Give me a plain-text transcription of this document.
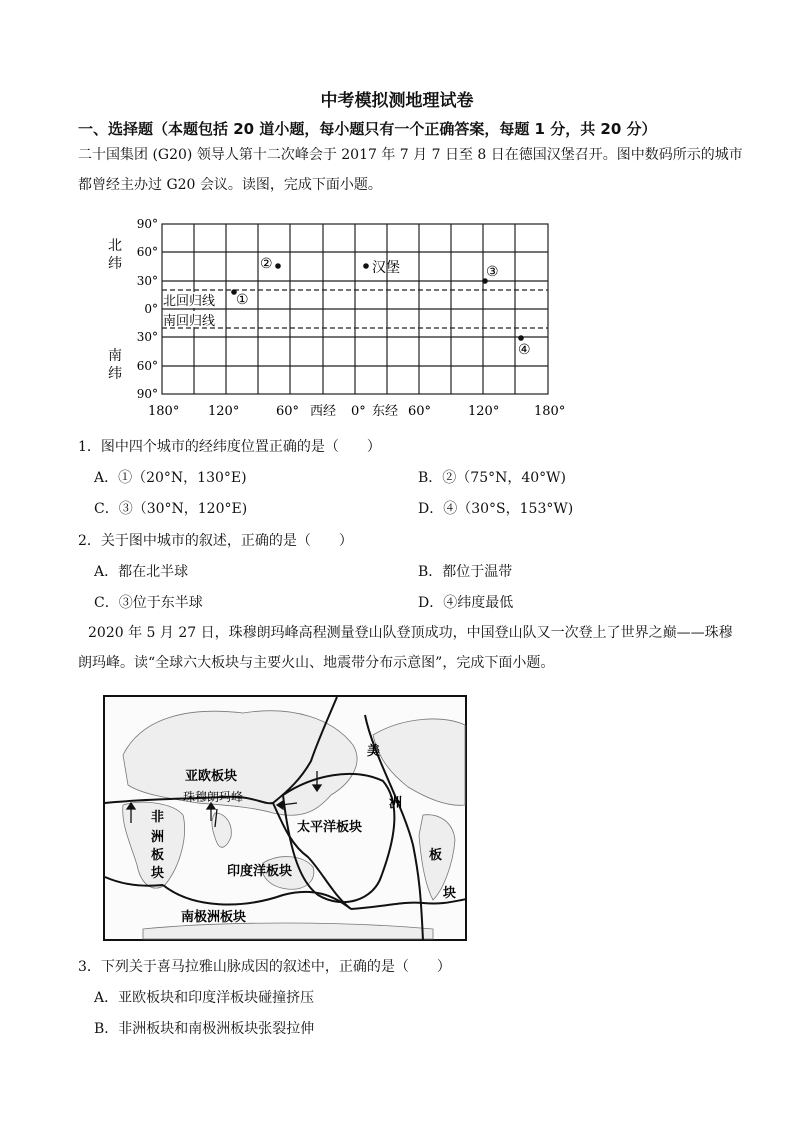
中考模拟测地理试卷
一、选择题（本题包括 20 道小题，每小题只有一个正确答案，每题 1 分，共 20 分）
二十国集团 (G20) 领导人第十二次峰会于 2017 年 7 月 7 日至 8 日在德国汉堡召开。图中数码所示的城市
都曾经主办过 G20 会议。读图，完成下面小题。
北回归线
南回归线
90°
60°
30°
0°
30°
60°
90°
北
纬
南
纬
180° 120°	60° 西经 0° 东经 60°	120°	180°
①
②	汉堡	③
④
1．图中四个城市的经纬度位置正确的是（　　）
A．①（20°N，130°E)	B．②（75°N，40°W)
C．③（30°N，120°E)	D．④（30°S，153°W)
2．关于图中城市的叙述，正确的是（　　）
A．都在北半球	B．都位于温带
C．③位于东半球	D．④纬度最低
2020 年 5 月 27 日，珠穆朗玛峰高程测量登山队登顶成功，中国登山队又一次登上了世界之巅——珠穆
朗玛峰。读“全球六大板块与主要火山、地震带分布示意图”，完成下面小题。
亚欧板块
珠穆朗玛峰
太平洋板块
印度洋板块
南极洲板块
非
洲
板
块
美
洲
板
块
3．下列关于喜马拉雅山脉成因的叙述中，正确的是（　　）
A．亚欧板块和印度洋板块碰撞挤压
B．非洲板块和南极洲板块张裂拉伸
